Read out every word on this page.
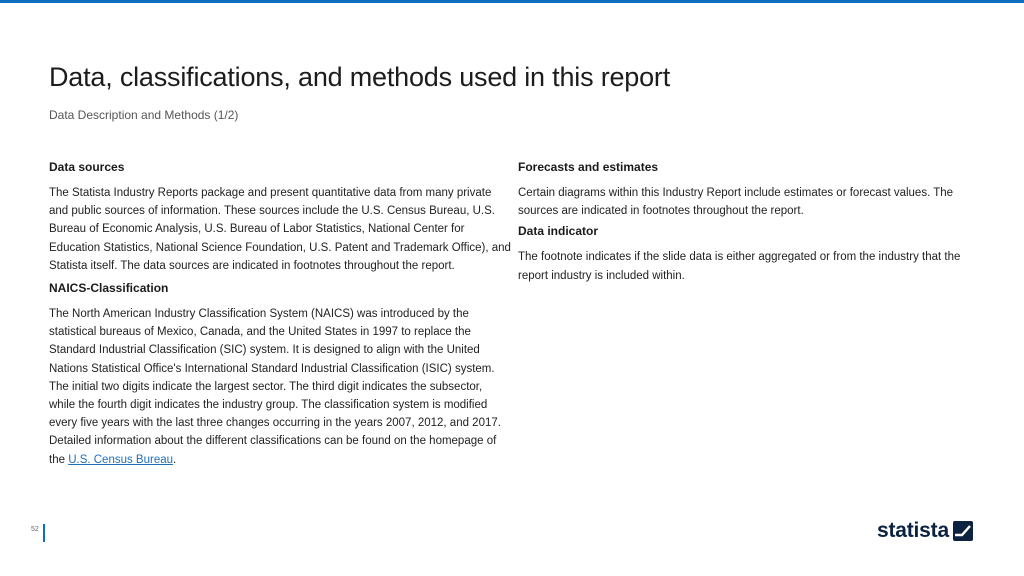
Data, classifications, and methods used in this report
Data Description and Methods (1/2)
Data sources

The Statista Industry Reports package and present quantitative data from many private and public sources of information. These sources include the U.S. Census Bureau, U.S. Bureau of Economic Analysis, U.S. Bureau of Labor Statistics, National Center for Education Statistics, National Science Foundation, U.S. Patent and Trademark Office), and Statista itself. The data sources are indicated in footnotes throughout the report.

NAICS-Classification

The North American Industry Classification System (NAICS) was introduced by the statistical bureaus of Mexico, Canada, and the United States in 1997 to replace the Standard Industrial Classification (SIC) system. It is designed to align with the United Nations Statistical Office's International Standard Industrial Classification (ISIC) system. The initial two digits indicate the largest sector. The third digit indicates the subsector, while the fourth digit indicates the industry group. The classification system is modified every five years with the last three changes occurring in the years 2007, 2012, and 2017. Detailed information about the different classifications can be found on the homepage of the U.S. Census Bureau.

Forecasts and estimates

Certain diagrams within this Industry Report include estimates or forecast values. The sources are indicated in footnotes throughout the report.

Data indicator

The footnote indicates if the slide data is either aggregated or from the industry that the report industry is included within.

52	statista
